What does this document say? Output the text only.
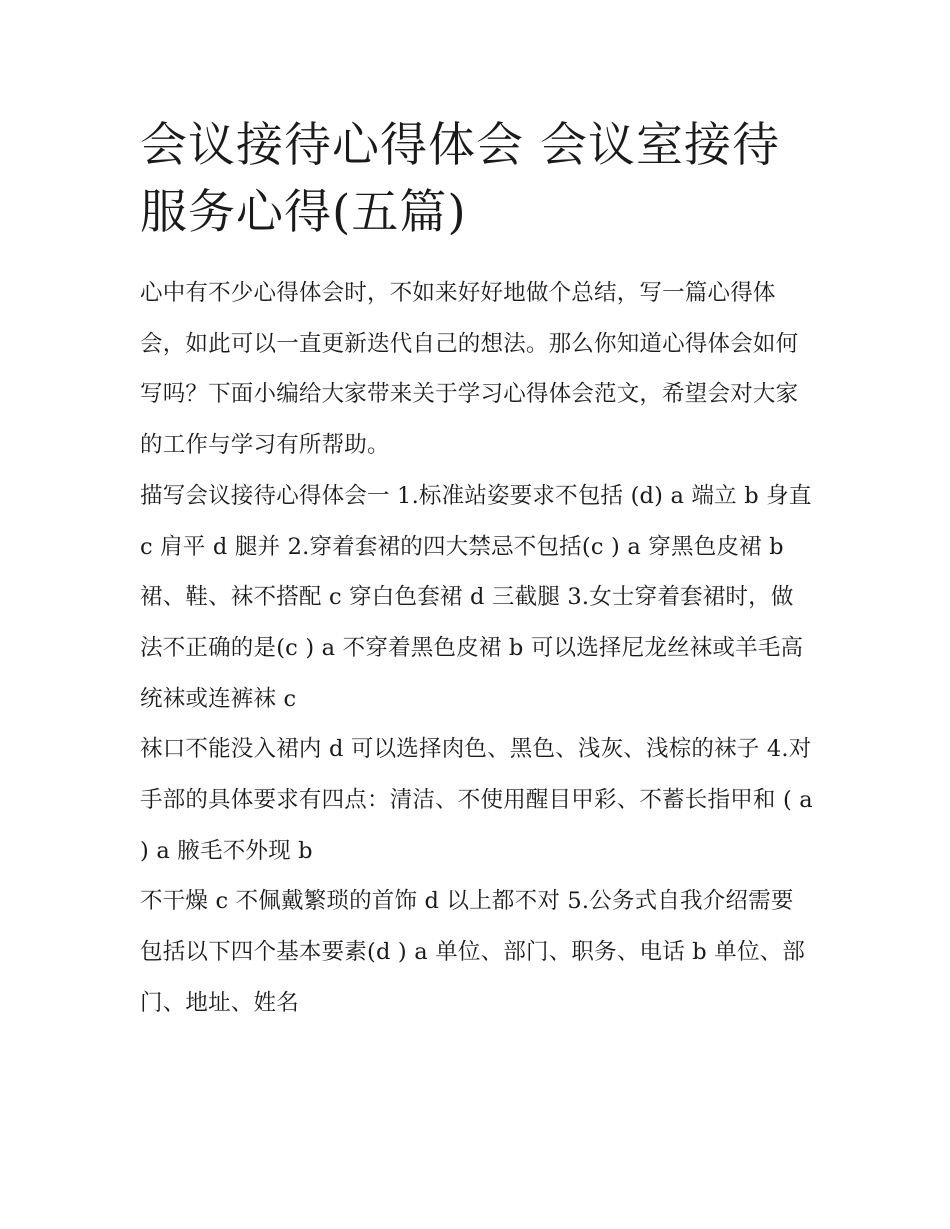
会议接待心得体会 会议室接待服务心得(五篇)

心中有不少心得体会时，不如来好好地做个总结，写一篇心得体会，如此可以一直更新迭代自己的想法。那么你知道心得体会如何写吗？下面小编给大家带来关于学习心得体会范文，希望会对大家的工作与学习有所帮助。

描写会议接待心得体会一 1.标准站姿要求不包括 (d) a 端立 b 身直 c 肩平 d 腿并 2.穿着套裙的四大禁忌不包括(c ) a 穿黑色皮裙 b

裙、鞋、袜不搭配 c 穿白色套裙 d 三截腿 3.女士穿着套裙时，做法不正确的是(c ) a 不穿着黑色皮裙 b 可以选择尼龙丝袜或羊毛高统袜或连裤袜 c

袜口不能没入裙内 d 可以选择肉色、黑色、浅灰、浅棕的袜子 4.对手部的具体要求有四点：清洁、不使用醒目甲彩、不蓄长指甲和 ( a ) a 腋毛不外现 b

不干燥 c 不佩戴繁琐的首饰 d 以上都不对 5.公务式自我介绍需要包括以下四个基本要素(d ) a 单位、部门、职务、电话 b 单位、部门、地址、姓名
